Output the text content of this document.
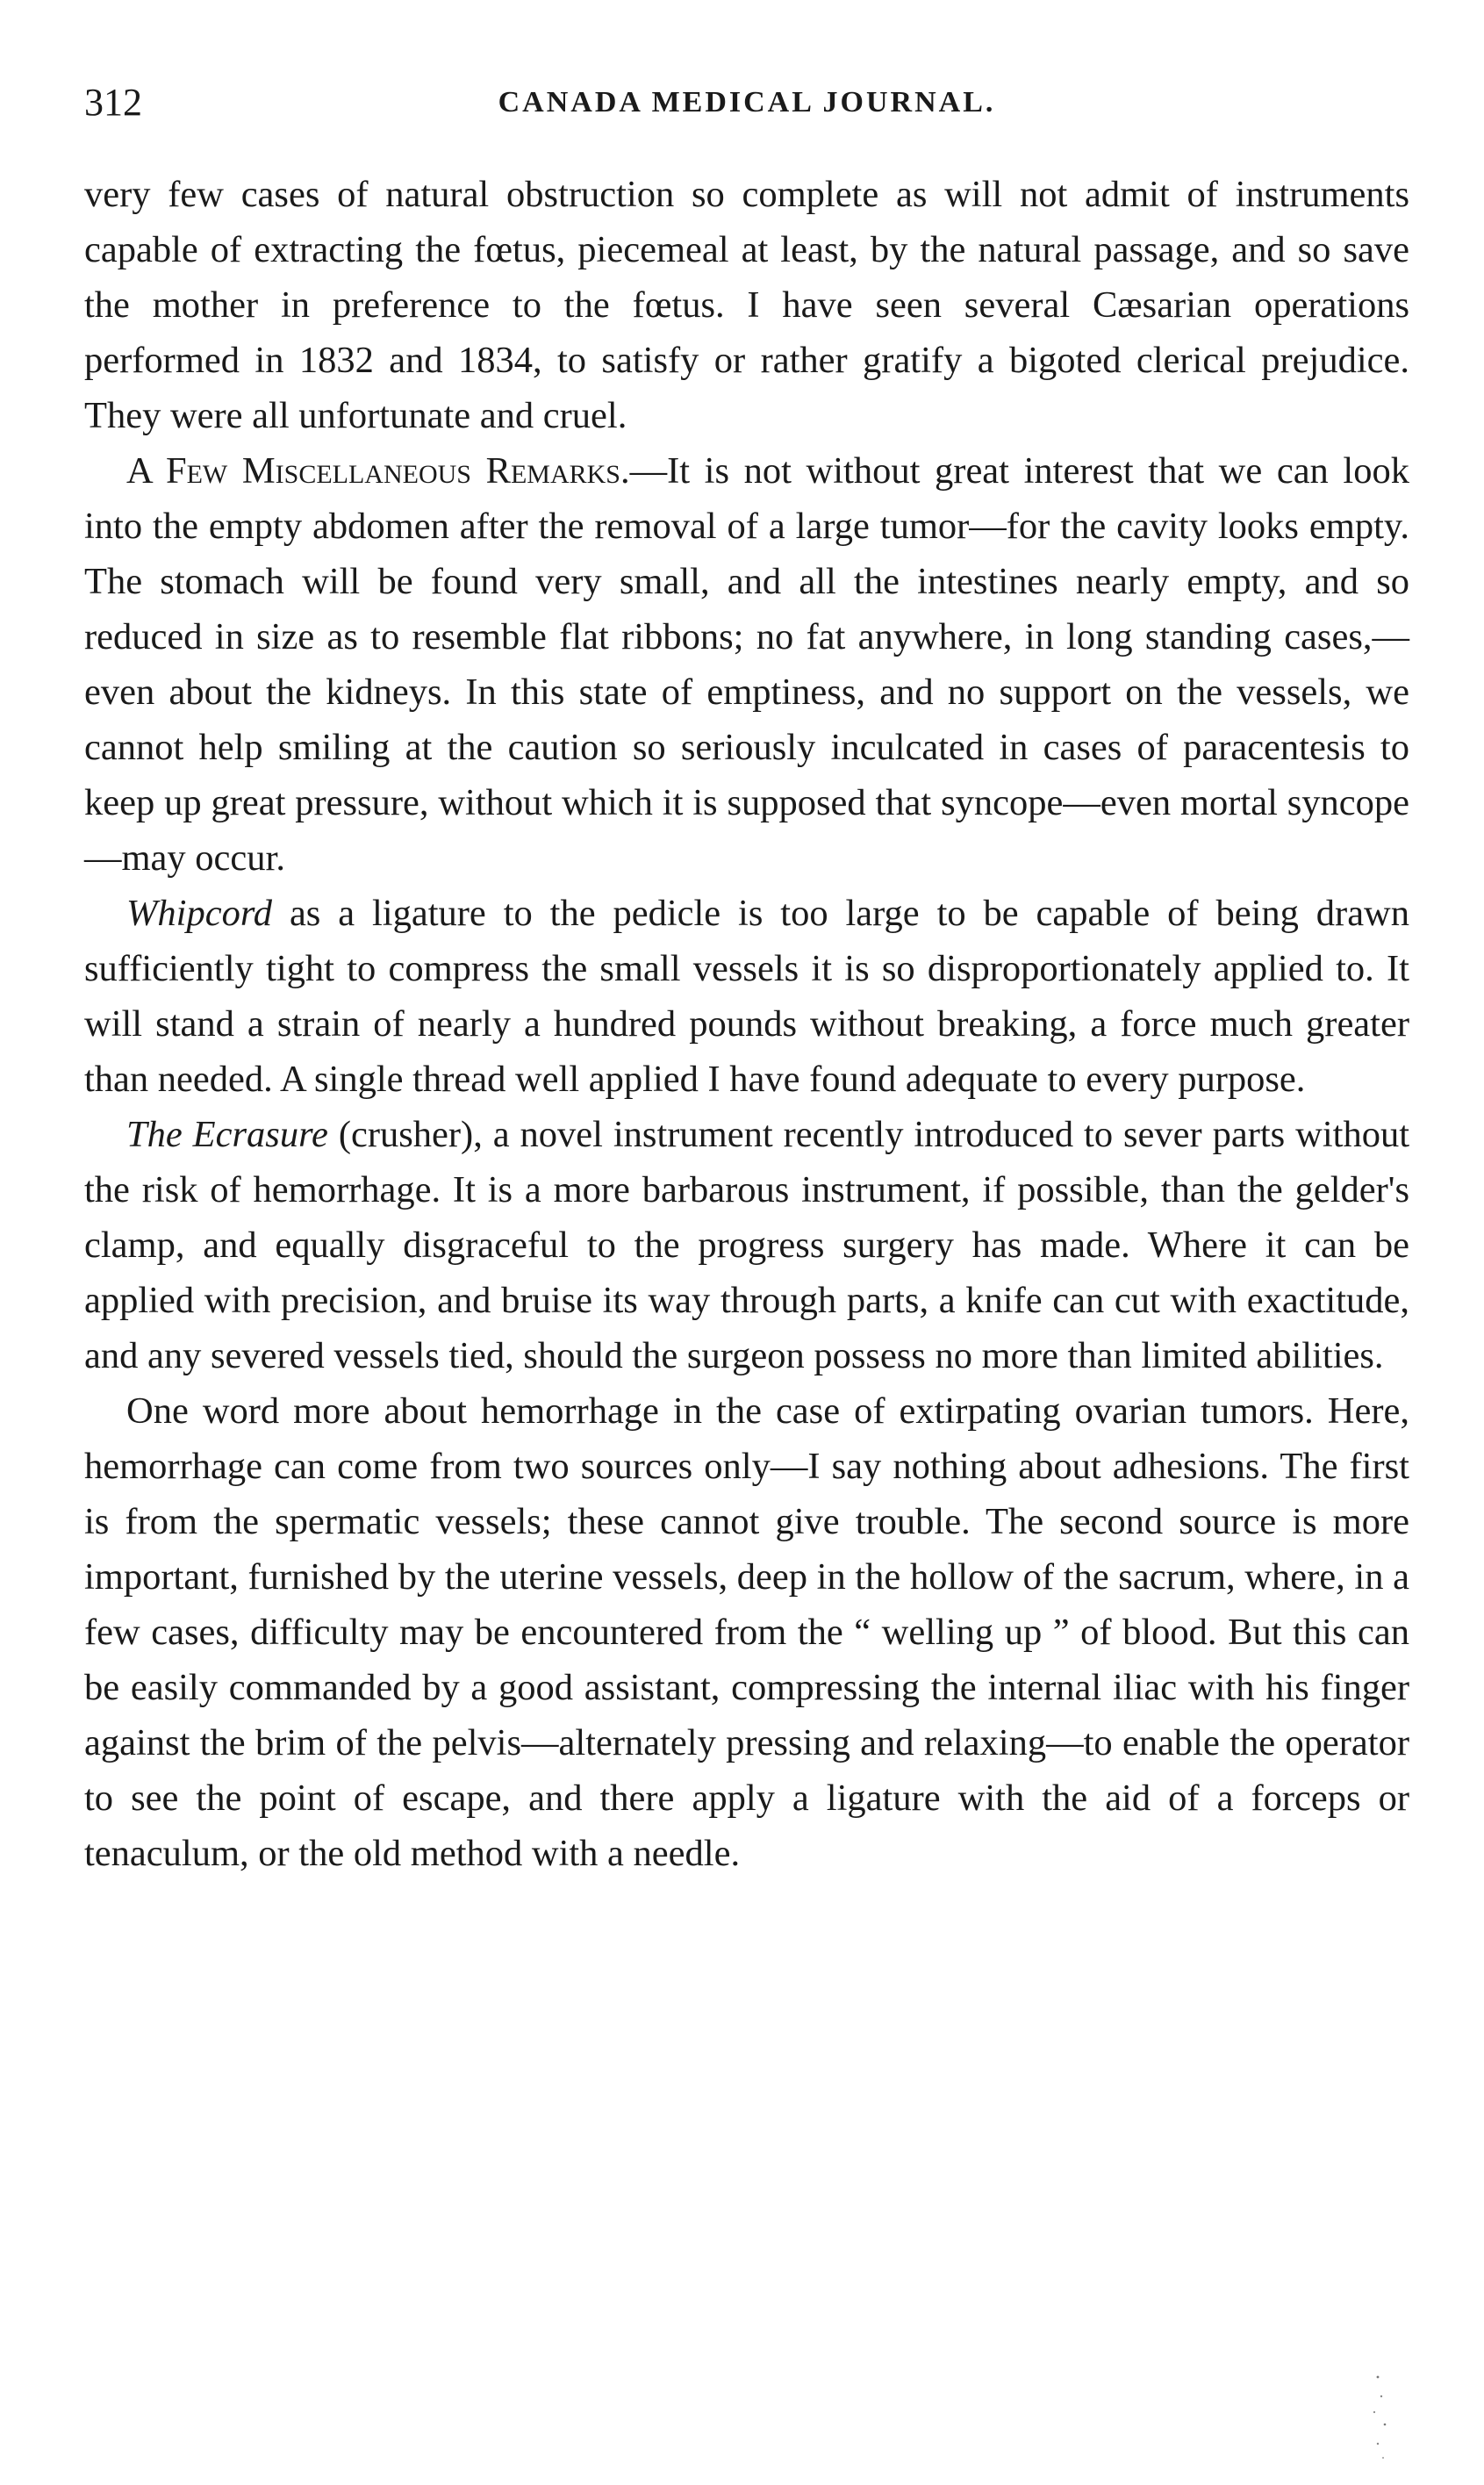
312	CANADA MEDICAL JOURNAL.

very few cases of natural obstruction so complete as will not admit of instruments capable of extracting the fœtus, piecemeal at least, by the natural passage, and so save the mother in preference to the fœtus. I have seen several Cæsarian operations performed in 1832 and 1834, to satisfy or rather gratify a bigoted clerical prejudice. They were all unfortunate and cruel.

A Few Miscellaneous Remarks.—It is not without great interest that we can look into the empty abdomen after the removal of a large tumor—for the cavity looks empty. The stomach will be found very small, and all the intestines nearly empty, and so reduced in size as to resemble flat ribbons; no fat anywhere, in long standing cases,—even about the kidneys. In this state of emptiness, and no support on the vessels, we cannot help smiling at the caution so seriously inculcated in cases of paracentesis to keep up great pressure, without which it is supposed that syncope—even mortal syncope—may occur.

Whipcord as a ligature to the pedicle is too large to be capable of being drawn sufficiently tight to compress the small vessels it is so disproportionately applied to. It will stand a strain of nearly a hundred pounds without breaking, a force much greater than needed. A single thread well applied I have found adequate to every purpose.

The Ecrasure (crusher), a novel instrument recently introduced to sever parts without the risk of hemorrhage. It is a more barbarous instrument, if possible, than the gelder's clamp, and equally disgraceful to the progress surgery has made. Where it can be applied with precision, and bruise its way through parts, a knife can cut with exactitude, and any severed vessels tied, should the surgeon possess no more than limited abilities.

One word more about hemorrhage in the case of extirpating ovarian tumors. Here, hemorrhage can come from two sources only—I say nothing about adhesions. The first is from the spermatic vessels; these cannot give trouble. The second source is more important, furnished by the uterine vessels, deep in the hollow of the sacrum, where, in a few cases, difficulty may be encountered from the “ welling up ” of blood. But this can be easily commanded by a good assistant, compressing the internal iliac with his finger against the brim of the pelvis—alternately pressing and relaxing—to enable the operator to see the point of escape, and there apply a ligature with the aid of a forceps or tenaculum, or the old method with a needle.
